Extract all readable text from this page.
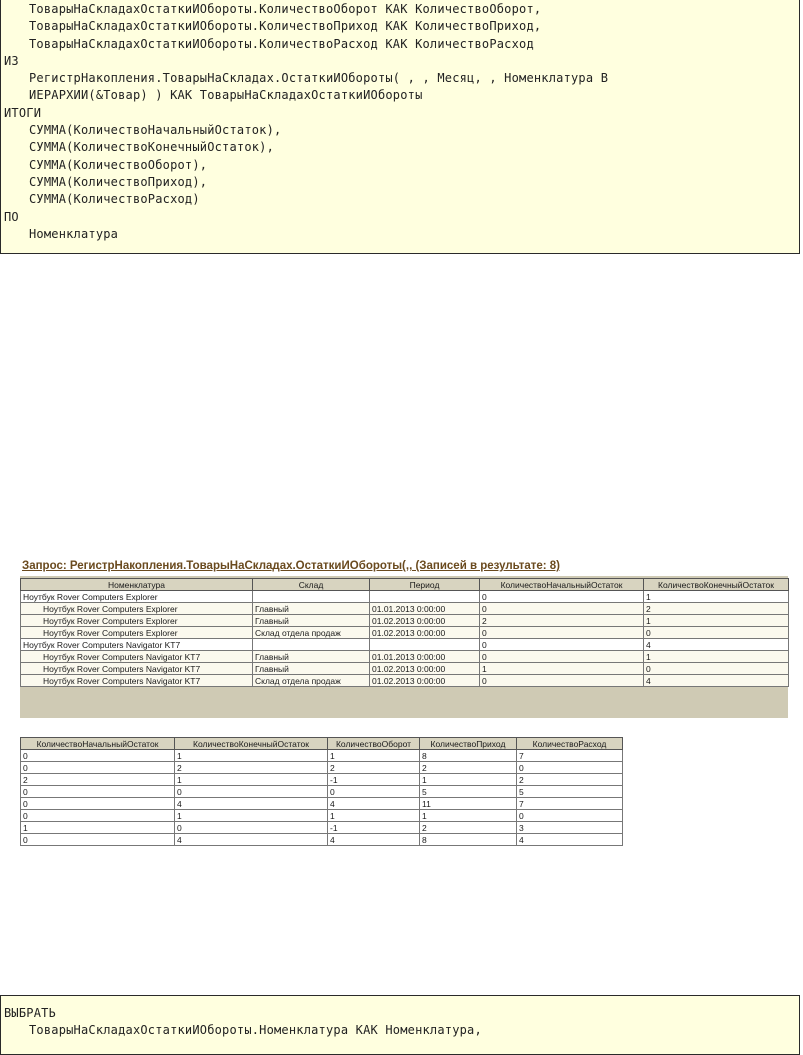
ТоварыНаСкладахОстаткиИОбороты.КоличествоОборот КАК КоличествоОборот,
ТоварыНаСкладахОстаткиИОбороты.КоличествоПриход КАК КоличествоПриход,
ТоварыНаСкладахОстаткиИОбороты.КоличествоРасход КАК КоличествоРасход
ИЗ
РегистрНакопления.ТоварыНаСкладах.ОстаткиИОбороты( , , Месяц, , Номенклатура В
ИЕРАРХИИ(&Товар) ) КАК ТоварыНаСкладахОстаткиИОбороты
ИТОГИ
СУММА(КоличествоНачальныйОстаток),
СУММА(КоличествоКонечныйОстаток),
СУММА(КоличествоОборот),
СУММА(КоличествоПриход),
СУММА(КоличествоРасход)
ПО
Номенклатура
Запрос: РегистрНакопления.ТоварыНаСкладах.ОстаткиИОбороты(,, (Записей в результате: 8)
Номенклатура	Склад	Период	КоличествоНачальныйОстаток	КоличествоКонечныйОстаток
Ноутбук Rover Computers Explorer			0	1
Ноутбук Rover Computers Explorer	Главный	01.01.2013 0:00:00	0	2
Ноутбук Rover Computers Explorer	Главный	01.02.2013 0:00:00	2	1
Ноутбук Rover Computers Explorer	Склад отдела продаж	01.02.2013 0:00:00	0	0
Ноутбук Rover Computers Navigator KT7			0	4
Ноутбук Rover Computers Navigator KT7	Главный	01.01.2013 0:00:00	0	1
Ноутбук Rover Computers Navigator KT7	Главный	01.02.2013 0:00:00	1	0
Ноутбук Rover Computers Navigator KT7	Склад отдела продаж	01.02.2013 0:00:00	0	4
КоличествоНачальныйОстаток	КоличествоКонечныйОстаток	КоличествоОборот	КоличествоПриход	КоличествоРасход
0	1	1	8	7
0	2	2	2	0
2	1	-1	1	2
0	0	0	5	5
0	4	4	11	7
0	1	1	1	0
1	0	-1	2	3
0	4	4	8	4
ВЫБРАТЬ
ТоварыНаСкладахОстаткиИОбороты.Номенклатура КАК Номенклатура,
